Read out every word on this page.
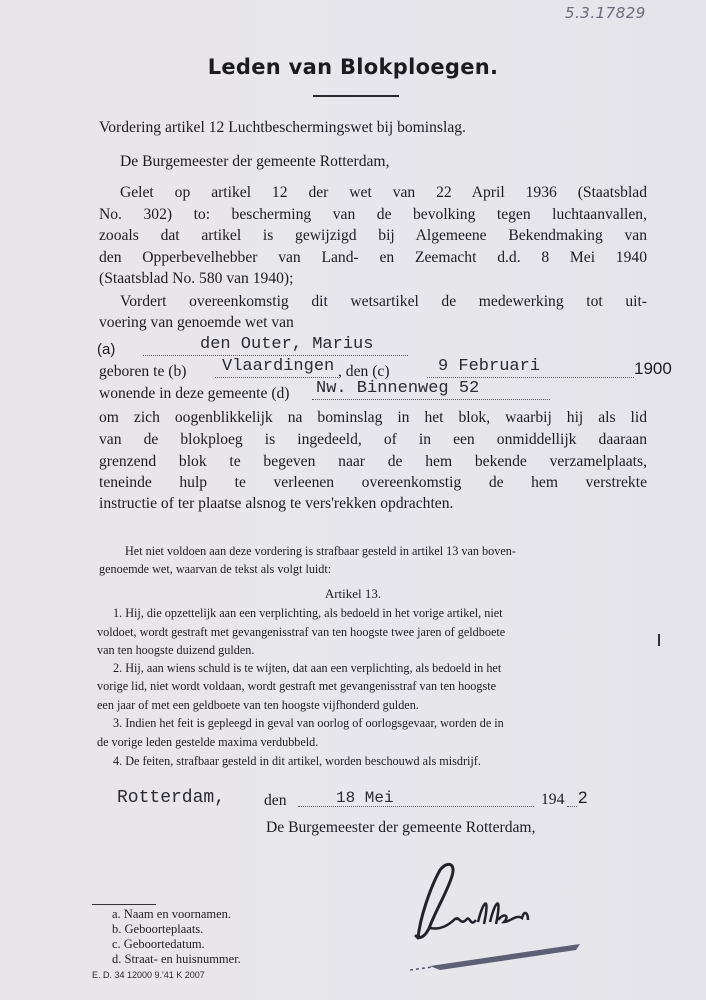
5.3.17829
Leden van Blokploegen.
Vordering artikel 12 Luchtbeschermingswet bij bominslag.
De Burgemeester der gemeente Rotterdam,
Gelet op artikel 12 der wet van 22 April 1936 (Staatsblad
No. 302) to: bescherming van de bevolking tegen luchtaanvallen,
zooals dat artikel is gewijzigd bij Algemeene Bekendmaking van
den Opperbevelhebber van Land- en Zeemacht d.d. 8 Mei 1940
(Staatsblad No. 580 van 1940);
Vordert overeenkomstig dit wetsartikel de medewerking tot uit-
voering van genoemde wet van
(a)	den Outer, Marius
geboren te (b) Vlaardingen , den (c)	9 Februari	1900
wonende in deze gemeente (d) Nw. Binnenweg 52
om zich oogenblikkelijk na bominslag in het blok, waarbij hij als lid
van de blokploeg is ingedeeld, of in een onmiddellijk daaraan
grenzend blok te begeven naar de hem bekende verzamelplaats,
teneinde hulp te verleenen overeenkomstig de hem verstrekte
instructie of ter plaatse alsnog te vers'rekken opdrachten.
Het niet voldoen aan deze vordering is strafbaar gesteld in artikel 13 van boven-
genoemde wet, waarvan de tekst als volgt luidt:
Artikel 13.
1. Hij, die opzettelijk aan een verplichting, als bedoeld in het vorige artikel, niet
voldoet, wordt gestraft met gevangenisstraf van ten hoogste twee jaren of geldboete
van ten hoogste duizend gulden.
2. Hij, aan wiens schuld is te wijten, dat aan een verplichting, als bedoeld in het
vorige lid, niet wordt voldaan, wordt gestraft met gevangenisstraf van ten hoogste
een jaar of met een geldboete van ten hoogste vijfhonderd gulden.
3. Indien het feit is gepleegd in geval van oorlog of oorlogsgevaar, worden de in
de vorige leden gestelde maxima verdubbeld.
4. De feiten, strafbaar gesteld in dit artikel, worden beschouwd als misdrijf.
Rotterdam, den	18 Mei	194 2
De Burgemeester der gemeente Rotterdam,
a. Naam en voornamen.
b. Geboorteplaats.
c. Geboortedatum.
d. Straat- en huisnummer.
E. D. 34 12000 9.'41 K 2007
